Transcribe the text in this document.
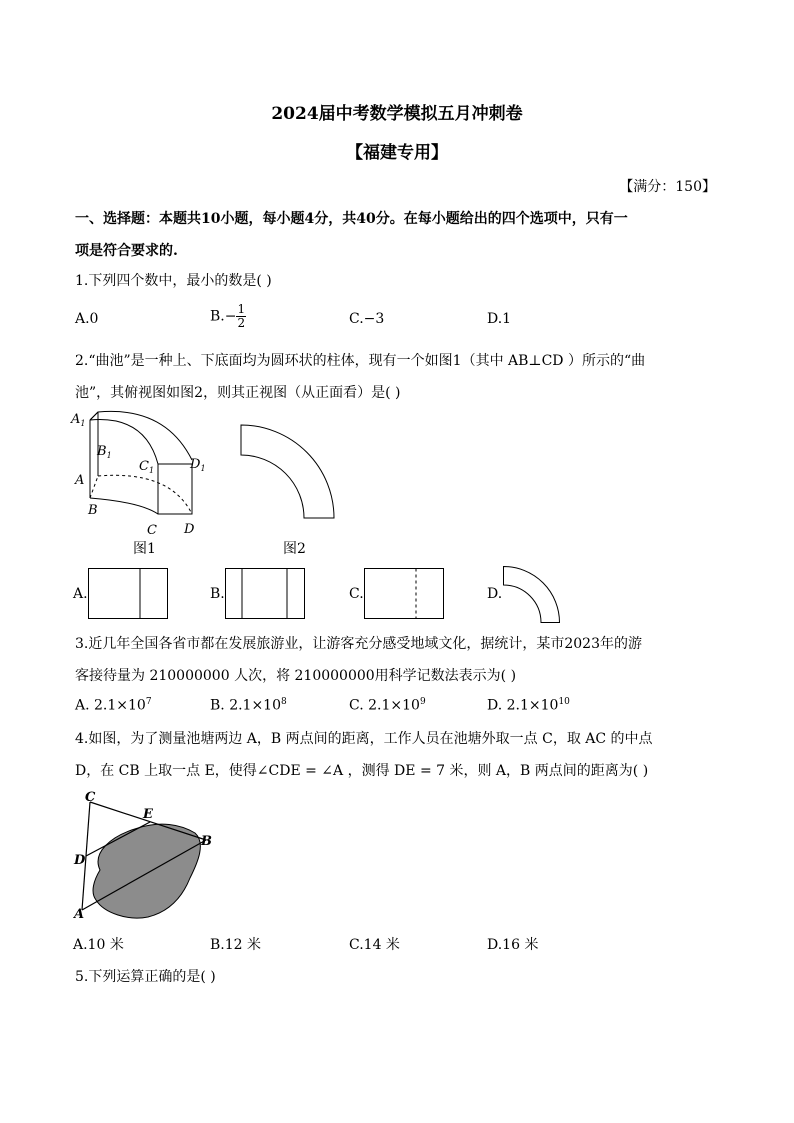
2024届中考数学模拟五月冲刺卷
【福建专用】
【满分：150】
一、选择题：本题共10小题，每小题4分，共40分。在每小题给出的四个选项中，只有一
项是符合要求的.
1.下列四个数中，最小的数是( )
A.0	$B.- \frac{1}{2}$	C.−3	D.1
2.“曲池”是一种上、下底面均为圆环状的柱体，现有一个如图1（其中 AB⊥CD ）所示的“曲
池”，其俯视图如图2，则其正视图（从正面看）是( )
$A_1$
$B_1$
$C_1$	$D_1$
A
B
C D
图1	图2
A.	B.	C.	D.
3.近几年全国各省市都在发展旅游业，让游客充分感受地域文化，据统计，某市2023年的游
客接待量为 210000000 人次，将 210000000用科学记数法表示为( )
A. $2.1\times 10^7$	B. $2.1\times 10^8$	C. $2.1\times 10^9$	D. $2.1\times 10^{10}$
4.如图，为了测量池塘两边 A，B 两点间的距离，工作人员在池塘外取一点 C，取 AC 的中点
D，在 CB 上取一点 E，使得∠CDE = ∠A ，测得 DE = 7 米，则 A，B 两点间的距离为( )
C
E
B
D
A
A.10 米	B.12 米	C.14 米	D.16 米
5.下列运算正确的是( )
